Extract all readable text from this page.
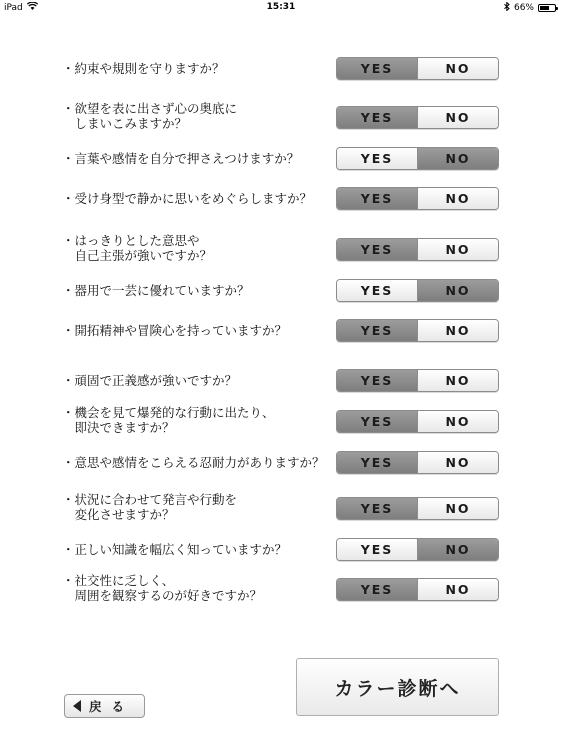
iPad	15:31	66%
・約束や規則を守りますか？	YES	NO
・欲望を表に出さず心の奥底に
　しまいこみますか？	YES	NO
・言葉や感情を自分で押さえつけますか？	YES	NO
・受け身型で静かに思いをめぐらしますか？	YES	NO
・はっきりとした意思や
　自己主張が強いですか？	YES	NO
・器用で一芸に優れていますか？	YES	NO
・開拓精神や冒険心を持っていますか？	YES	NO
・頑固で正義感が強いですか？	YES	NO
・機会を見て爆発的な行動に出たり、
　即決できますか？	YES	NO
・意思や感情をこらえる忍耐力がありますか？	YES	NO
・状況に合わせて発言や行動を
　変化させますか？	YES	NO
・正しい知識を幅広く知っていますか？	YES	NO
・社交性に乏しく、
　周囲を観察するのが好きですか？	YES	NO
戻る
カラー診断へ
